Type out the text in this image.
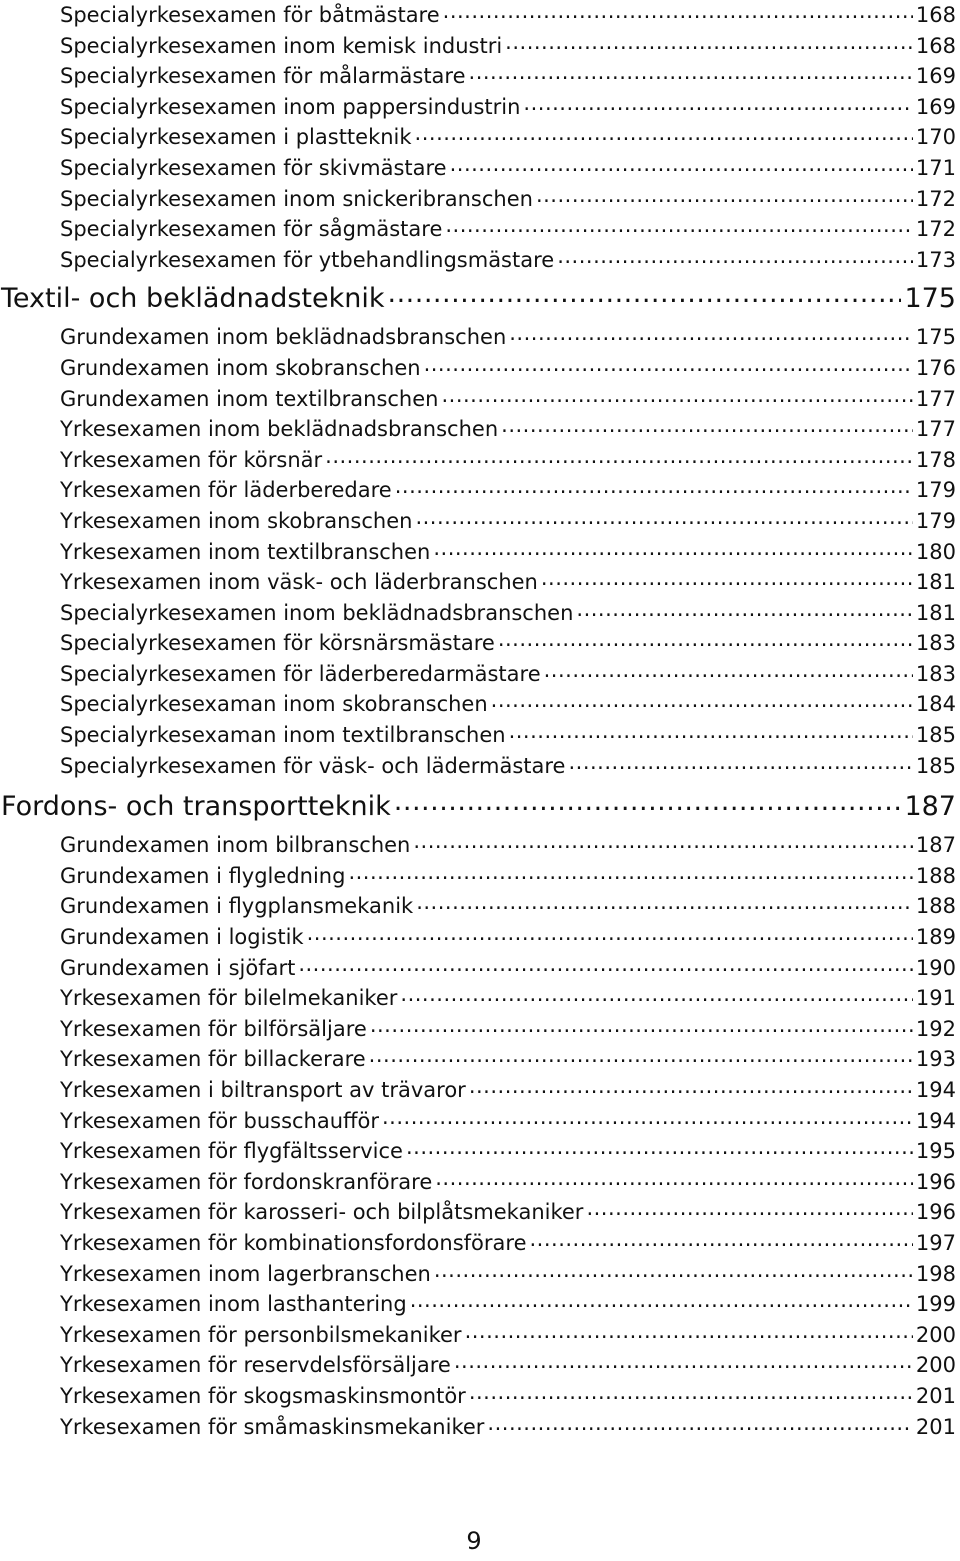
Specialyrkesexamen för båtmästare .....	168
Specialyrkesexamen inom kemisk industri .....	168
Specialyrkesexamen för målarmästare .....	169
Specialyrkesexamen inom pappersindustrin .....	169
Specialyrkesexamen i plastteknik .....	170
Specialyrkesexamen för skivmästare .....	171
Specialyrkesexamen inom snickeribranschen .....	172
Specialyrkesexamen för sågmästare .....	172
Specialyrkesexamen för ytbehandlingsmästare .....	173
Textil- och beklädnadsteknik .....	175
Grundexamen inom beklädnadsbranschen .....	175
Grundexamen inom skobranschen .....	176
Grundexamen inom textilbranschen .....	177
Yrkesexamen inom beklädnadsbranschen .....	177
Yrkesexamen för körsnär .....	178
Yrkesexamen för läderberedare .....	179
Yrkesexamen inom skobranschen .....	179
Yrkesexamen inom textilbranschen .....	180
Yrkesexamen inom väsk- och läderbranschen .....	181
Specialyrkesexamen inom beklädnadsbranschen .....	181
Specialyrkesexamen för körsnärsmästare .....	183
Specialyrkesexamen för läderberedarmästare .....	183
Specialyrkesexaman inom skobranschen .....	184
Specialyrkesexaman inom textilbranschen .....	185
Specialyrkesexamen för väsk- och lädermästare .....	185
Fordons- och transportteknik .....	187
Grundexamen inom bilbranschen .....	187
Grundexamen i flygledning .....	188
Grundexamen i flygplansmekanik .....	188
Grundexamen i logistik .....	189
Grundexamen i sjöfart .....	190
Yrkesexamen för bilelmekaniker .....	191
Yrkesexamen för bilförsäljare .....	192
Yrkesexamen för billackerare .....	193
Yrkesexamen i biltransport av trävaror .....	194
Yrkesexamen för busschaufför .....	194
Yrkesexamen för flygfältsservice .....	195
Yrkesexamen för fordonskranförare .....	196
Yrkesexamen för karosseri- och bilplåtsmekaniker .....	196
Yrkesexamen för kombinationsfordonsförare .....	197
Yrkesexamen inom lagerbranschen .....	198
Yrkesexamen inom lasthantering .....	199
Yrkesexamen för personbilsmekaniker .....	200
Yrkesexamen för reservdelsförsäljare .....	200
Yrkesexamen för skogsmaskinsmontör .....	201
Yrkesexamen för småmaskinsmekaniker .....	201
9
